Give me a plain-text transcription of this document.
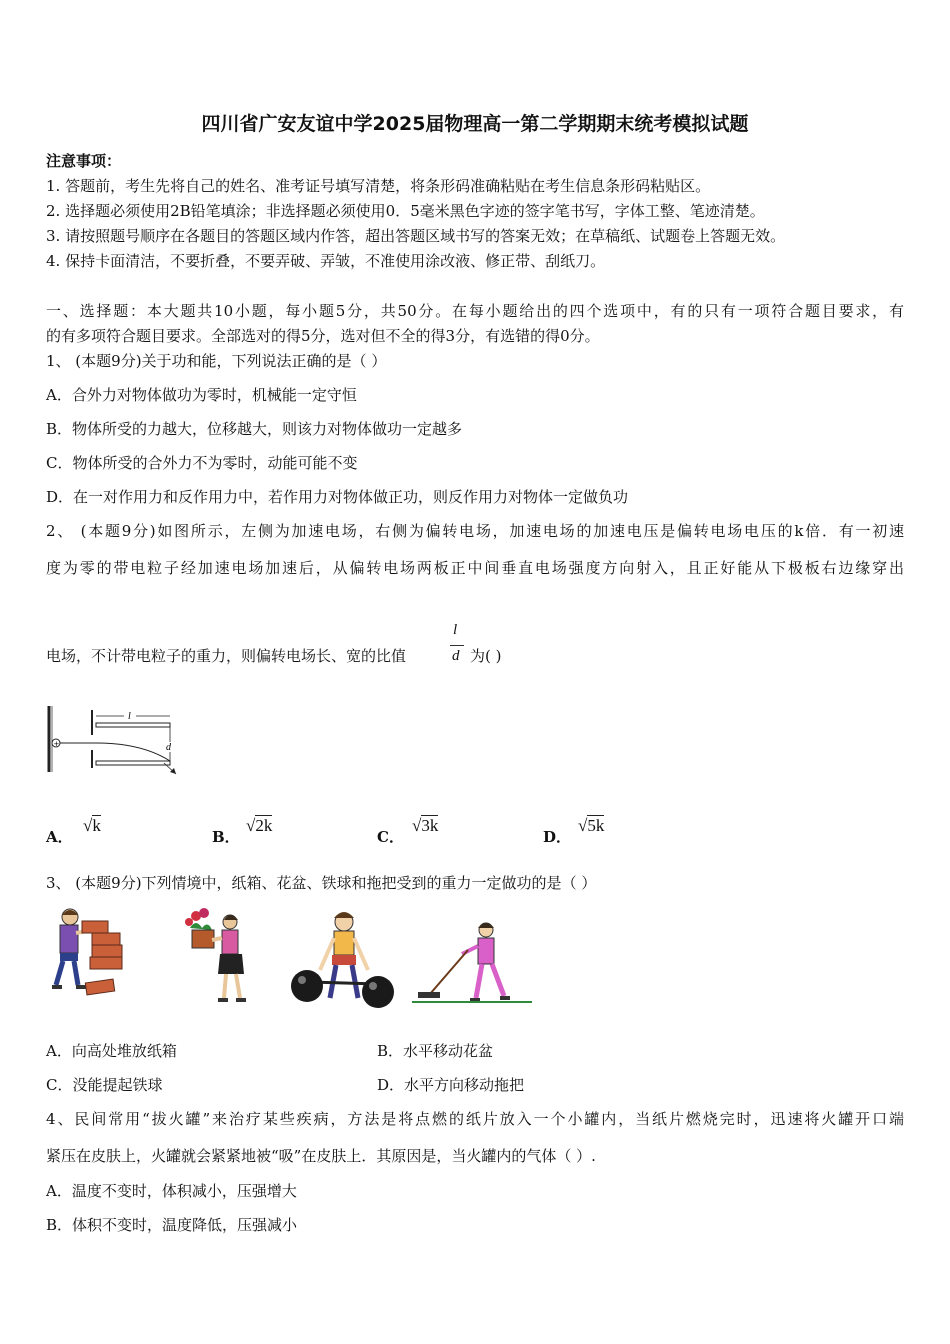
四川省广安友谊中学2025届物理高一第二学期期末统考模拟试题
注意事项：
1. 答题前，考生先将自己的姓名、准考证号填写清楚，将条形码准确粘贴在考生信息条形码粘贴区。
2. 选择题必须使用2B铅笔填涂；非选择题必须使用0．5毫米黑色字迹的签字笔书写，字体工整、笔迹清楚。
3. 请按照题号顺序在各题目的答题区域内作答，超出答题区域书写的答案无效；在草稿纸、试题卷上答题无效。
4. 保持卡面清洁，不要折叠，不要弄破、弄皱，不准使用涂改液、修正带、刮纸刀。
一、选择题：本大题共10小题，每小题5分，共50分。在每小题给出的四个选项中，有的只有一项符合题目要求，有
的有多项符合题目要求。全部选对的得5分，选对但不全的得3分，有选错的得0分。
1、 (本题9分)关于功和能，下列说法正确的是（ ）
A．合外力对物体做功为零时，机械能一定守恒
B．物体所受的力越大，位移越大，则该力对物体做功一定越多
C．物体所受的合外力不为零时，动能可能不变
D．在一对作用力和反作用力中，若作用力对物体做正功，则反作用力对物体一定做负功
2、 (本题9分)如图所示，左侧为加速电场，右侧为偏转电场，加速电场的加速电压是偏转电场电压的k倍．有一初速
度为零的带电粒子经加速电场加速后，从偏转电场两板正中间垂直电场强度方向射入，且正好能从下极板右边缘穿出
电场，不计带电粒子的重力，则偏转电场长、宽的比值
l
d 为( )
+
l
d
A．
√k
B．
√2k
C．
√3k
D．
√5k
3、 (本题9分)下列情境中，纸箱、花盆、铁球和拖把受到的重力一定做功的是（ ）
A．向高处堆放纸箱	B．水平移动花盆
C．没能提起铁球	D．水平方向移动拖把
4、民间常用“拔火罐”来治疗某些疾病，方法是将点燃的纸片放入一个小罐内，当纸片燃烧完时，迅速将火罐开口端
紧压在皮肤上，火罐就会紧紧地被“吸”在皮肤上．其原因是，当火罐内的气体（ ）.
A．温度不变时，体积减小，压强增大
B．体积不变时，温度降低，压强减小
